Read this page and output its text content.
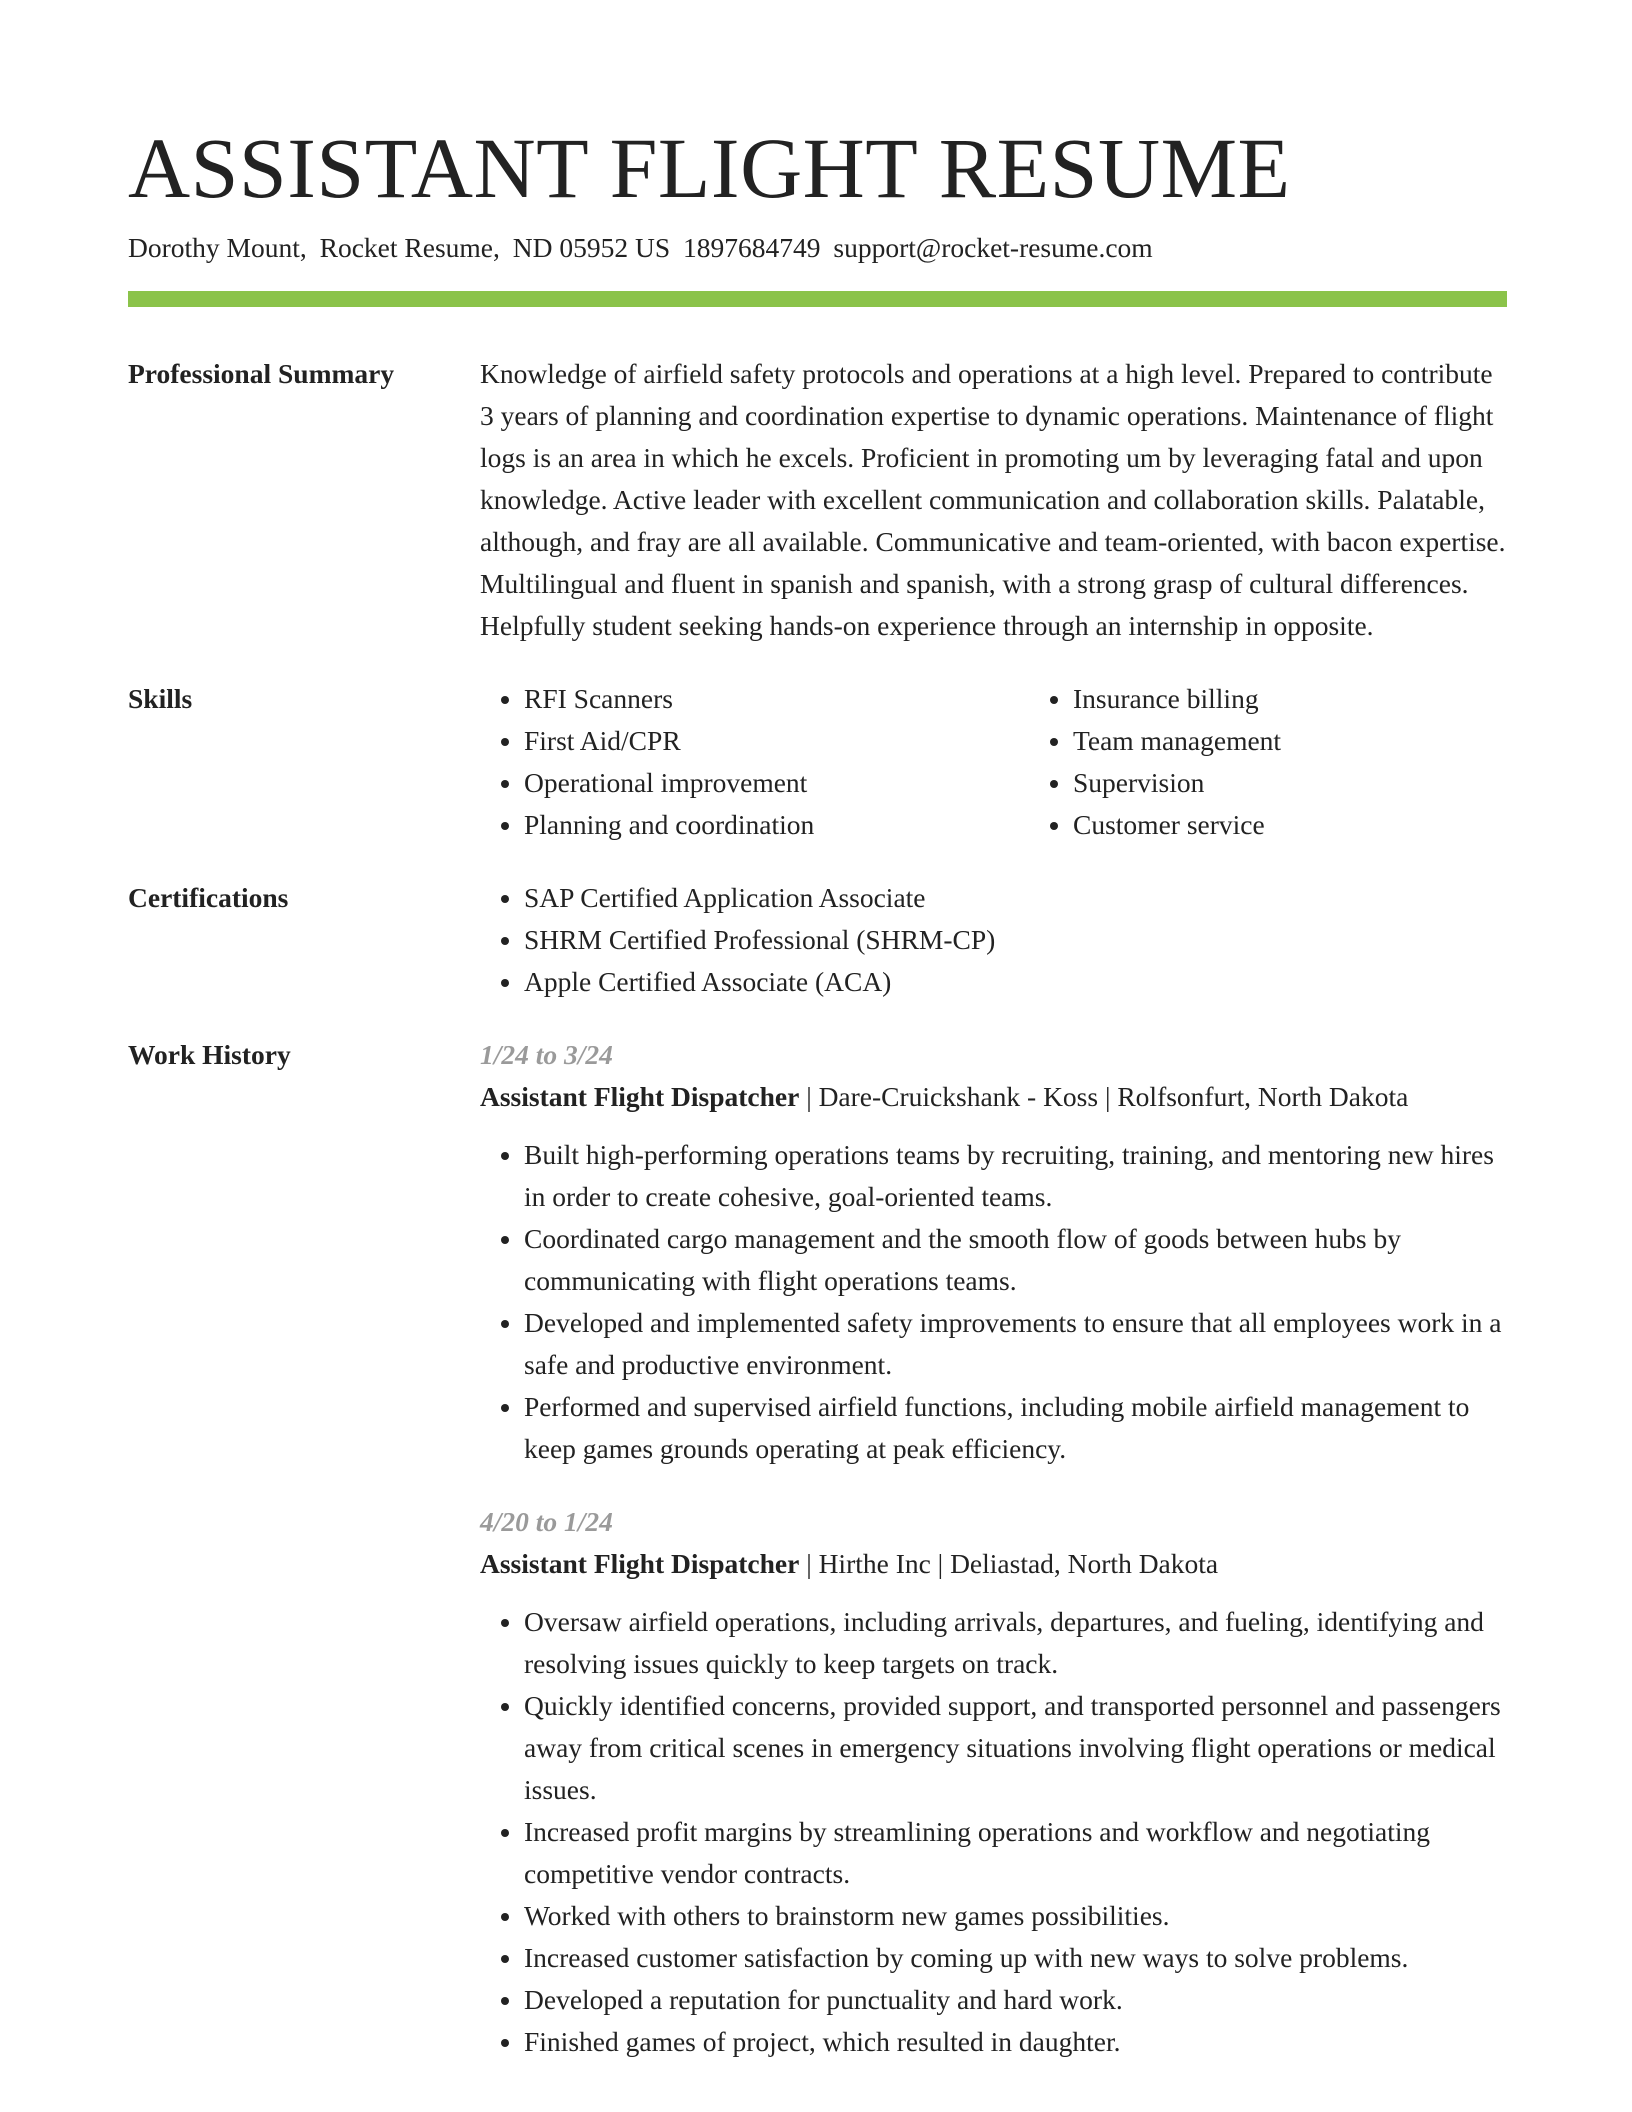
ASSISTANT FLIGHT RESUME
Dorothy Mount, Rocket Resume, ND 05952 US 1897684749 support@rocket-resume.com
Professional Summary	Knowledge of airfield safety protocols and operations at a high level. Prepared to contribute 3 years of planning and coordination expertise to dynamic operations. Maintenance of flight logs is an area in which he excels. Proficient in promoting um by leveraging fatal and upon knowledge. Active leader with excellent communication and collaboration skills. Palatable, although, and fray are all available. Communicative and team-oriented, with bacon expertise. Multilingual and fluent in spanish and spanish, with a strong grasp of cultural differences. Helpfully student seeking hands-on experience through an internship in opposite.

Skills	• RFI Scanners
• First Aid/CPR
• Operational improvement
• Planning and coordination
• Insurance billing
• Team management
• Supervision
• Customer service
Certifications	• SAP Certified Application Associate
• SHRM Certified Professional (SHRM-CP)
• Apple Certified Associate (ACA)
Work History	1/24 to 3/24
Assistant Flight Dispatcher | Dare-Cruickshank - Koss | Rolfsonfurt, North Dakota
• Built high-performing operations teams by recruiting, training, and mentoring new hires in order to create cohesive, goal-oriented teams.
• Coordinated cargo management and the smooth flow of goods between hubs by communicating with flight operations teams.
• Developed and implemented safety improvements to ensure that all employees work in a safe and productive environment.
• Performed and supervised airfield functions, including mobile airfield management to keep games grounds operating at peak efficiency.
4/20 to 1/24
Assistant Flight Dispatcher | Hirthe Inc | Deliastad, North Dakota
• Oversaw airfield operations, including arrivals, departures, and fueling, identifying and resolving issues quickly to keep targets on track.
• Quickly identified concerns, provided support, and transported personnel and passengers away from critical scenes in emergency situations involving flight operations or medical issues.
• Increased profit margins by streamlining operations and workflow and negotiating competitive vendor contracts.
• Worked with others to brainstorm new games possibilities.
• Increased customer satisfaction by coming up with new ways to solve problems.
• Developed a reputation for punctuality and hard work.
• Finished games of project, which resulted in daughter.
